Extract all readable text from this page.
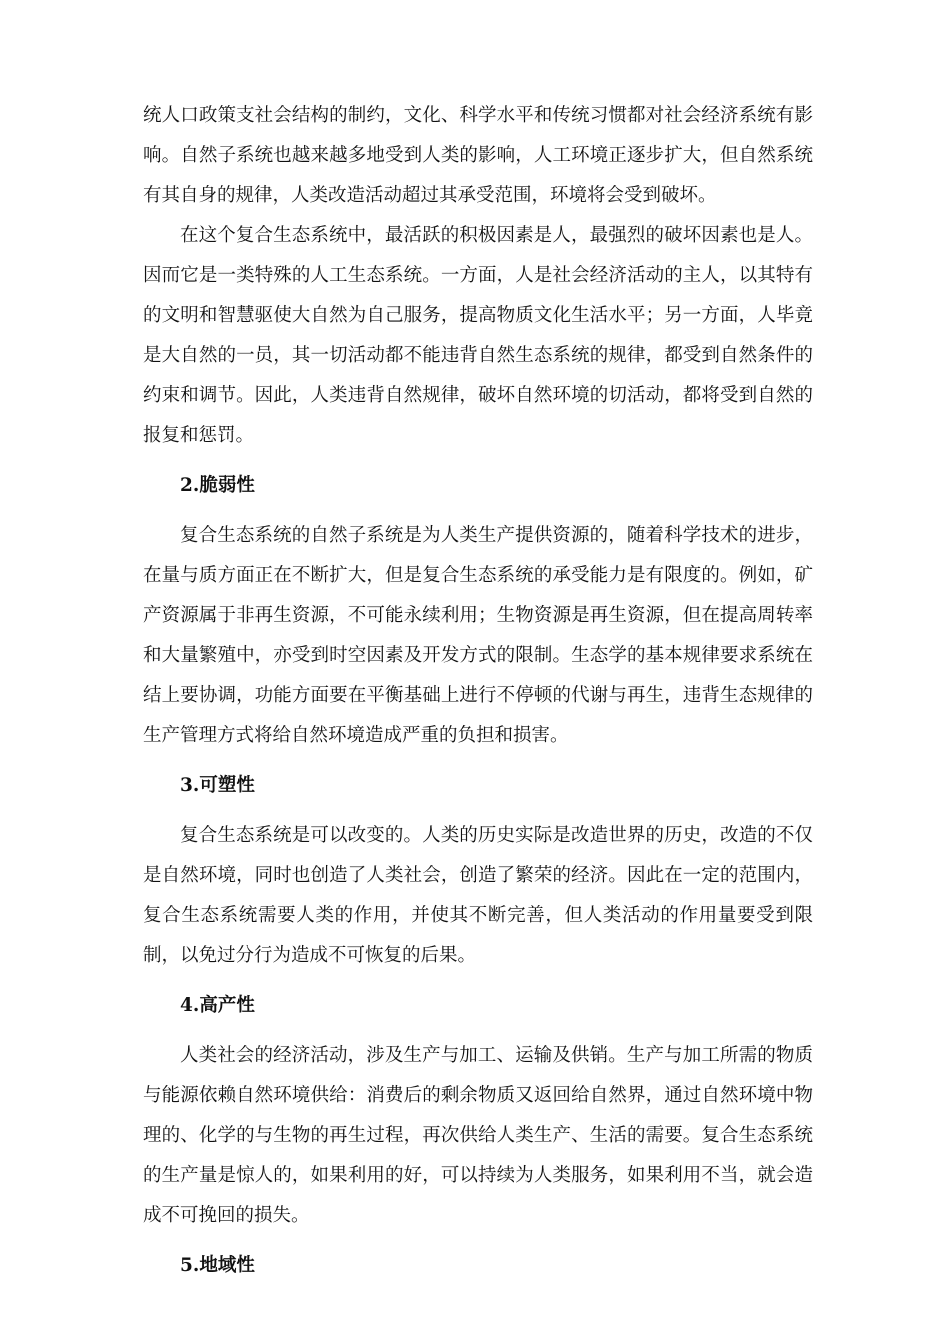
统人口政策支社会结构的制约，文化、科学水平和传统习惯都对社会经济系统有影响。自然子系统也越来越多地受到人类的影响，人工环境正逐步扩大，但自然系统有其自身的规律，人类改造活动超过其承受范围，环境将会受到破坏。

在这个复合生态系统中，最活跃的积极因素是人，最强烈的破坏因素也是人。因而它是一类特殊的人工生态系统。一方面，人是社会经济活动的主人，以其特有的文明和智慧驱使大自然为自己服务，提高物质文化生活水平；另一方面，人毕竟是大自然的一员，其一切活动都不能违背自然生态系统的规律，都受到自然条件的约束和调节。因此，人类违背自然规律，破坏自然环境的切活动，都将受到自然的报复和惩罚。

2.脆弱性

复合生态系统的自然子系统是为人类生产提供资源的，随着科学技术的进步，在量与质方面正在不断扩大，但是复合生态系统的承受能力是有限度的。例如，矿产资源属于非再生资源，不可能永续利用；生物资源是再生资源，但在提高周转率和大量繁殖中，亦受到时空因素及开发方式的限制。生态学的基本规律要求系统在结上要协调，功能方面要在平衡基础上进行不停顿的代谢与再生，违背生态规律的生产管理方式将给自然环境造成严重的负担和损害。

3.可塑性

复合生态系统是可以改变的。人类的历史实际是改造世界的历史，改造的不仅是自然环境，同时也创造了人类社会，创造了繁荣的经济。因此在一定的范围内，复合生态系统需要人类的作用，并使其不断完善，但人类活动的作用量要受到限制，以免过分行为造成不可恢复的后果。

4.高产性

人类社会的经济活动，涉及生产与加工、运输及供销。生产与加工所需的物质与能源依赖自然环境供给：消费后的剩余物质又返回给自然界，通过自然环境中物理的、化学的与生物的再生过程，再次供给人类生产、生活的需要。复合生态系统的生产量是惊人的，如果利用的好，可以持续为人类服务，如果利用不当，就会造成不可挽回的损失。

5.地域性
